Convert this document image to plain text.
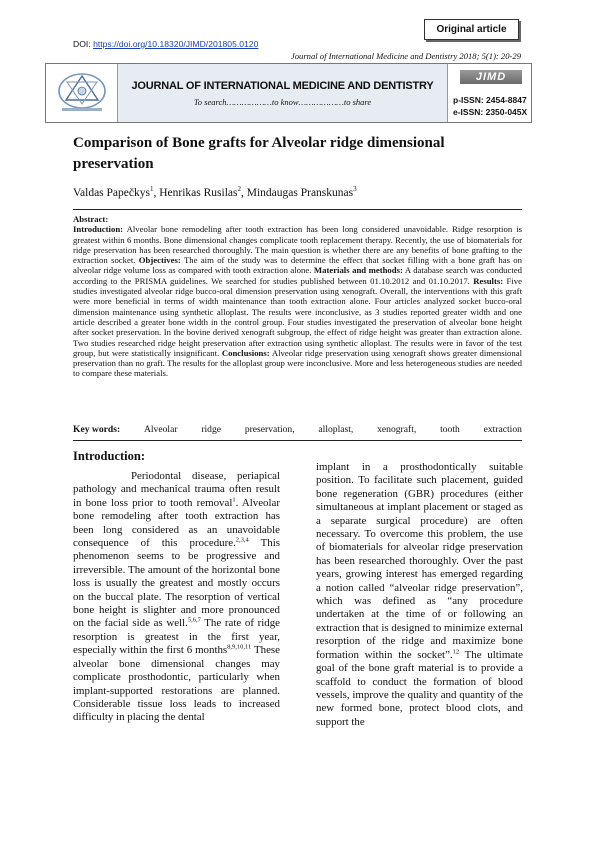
Original article
DOI: https://doi.org/10.18320/JIMD/201805.0120
Journal of International Medicine and Dentistry 2018; 5(1): 20-29
JOURNAL OF INTERNATIONAL MEDICINE AND DENTISTRY
To search………………to know………………to share
JIMD
p-ISSN: 2454-8847
e-ISSN: 2350-045X
Comparison of Bone grafts for Alveolar ridge dimensional preservation
Valdas Papečkys$^1$, Henrikas Rusilas$^2$, Mindaugas Pranskunas$^3$
Abstract:
Introduction: Alveolar bone remodeling after tooth extraction has been long considered unavoidable. Ridge resorption is greatest within 6 months. Bone dimensional changes complicate tooth replacement therapy. Recently, the use of biomaterials for ridge preservation has been researched thoroughly. The main question is whether there are any benefits of bone grafting to the extraction socket. Objectives: The aim of the study was to determine the effect that socket filling with a bone graft has on alveolar ridge volume loss as compared with tooth extraction alone. Materials and methods: A database search was conducted according to the PRISMA guidelines. We searched for studies published between 01.10.2012 and 01.10.2017. Results: Five studies investigated alveolar ridge bucco-oral dimension preservation using xenograft. Overall, the interventions with this graft were more beneficial in terms of width maintenance than tooth extraction alone. Four articles analyzed socket bucco-oral dimension maintenance using synthetic alloplast. The results were inconclusive, as 3 studies reported greater width and one article described a greater bone width in the control group. Four studies investigated the preservation of alveolar bone height after socket preservation. In the bovine derived xenograft subgroup, the effect of ridge height was greater than extraction alone. Two studies researched ridge height preservation after extraction using synthetic alloplast. The results were in favor of the test group, but were statistically insignificant. Conclusions: Alveolar ridge preservation using xenograft shows greater dimensional preservation than no graft. The results for the alloplast group were inconclusive. More and less heterogeneous studies are needed to compare these materials.
Key words: Alveolar ridge preservation, alloplast, xenograft, tooth extraction
Introduction:
Periodontal disease, periapical pathology and mechanical trauma often result in bone loss prior to tooth removal$^1$. Alveolar bone remodeling after tooth extraction has been long considered as an unavoidable consequence of this procedure.$^{2,3,4}$ This phenomenon seems to be progressive and irreversible. The amount of the horizontal bone loss is usually the greatest and mostly occurs on the buccal plate. The resorption of vertical bone height is slighter and more pronounced on the facial side as well.$^{5,6,7}$ The rate of ridge resorption is greatest in the first year, especially within the first 6 months$^{8,9,10,11}$ These alveolar bone dimensional changes may complicate prosthodontic, particularly when implant-supported restorations are planned. Considerable tissue loss leads to increased difficulty in placing the dental
implant in a prosthodontically suitable position. To facilitate such placement, guided bone regeneration (GBR) procedures (either simultaneous at implant placement or staged as a separate surgical procedure) are often necessary. To overcome this problem, the use of biomaterials for alveolar ridge preservation has been researched thoroughly. Over the past years, growing interest has emerged regarding a notion called “alveolar ridge preservation”, which was defined as “any procedure undertaken at the time of or following an extraction that is designed to minimize external resorption of the ridge and maximize bone formation within the socket”.$^{12}$ The ultimate goal of the bone graft material is to provide a scaffold to conduct the formation of blood vessels, improve the quality and quantity of the new formed bone, protect blood clots, and support the
